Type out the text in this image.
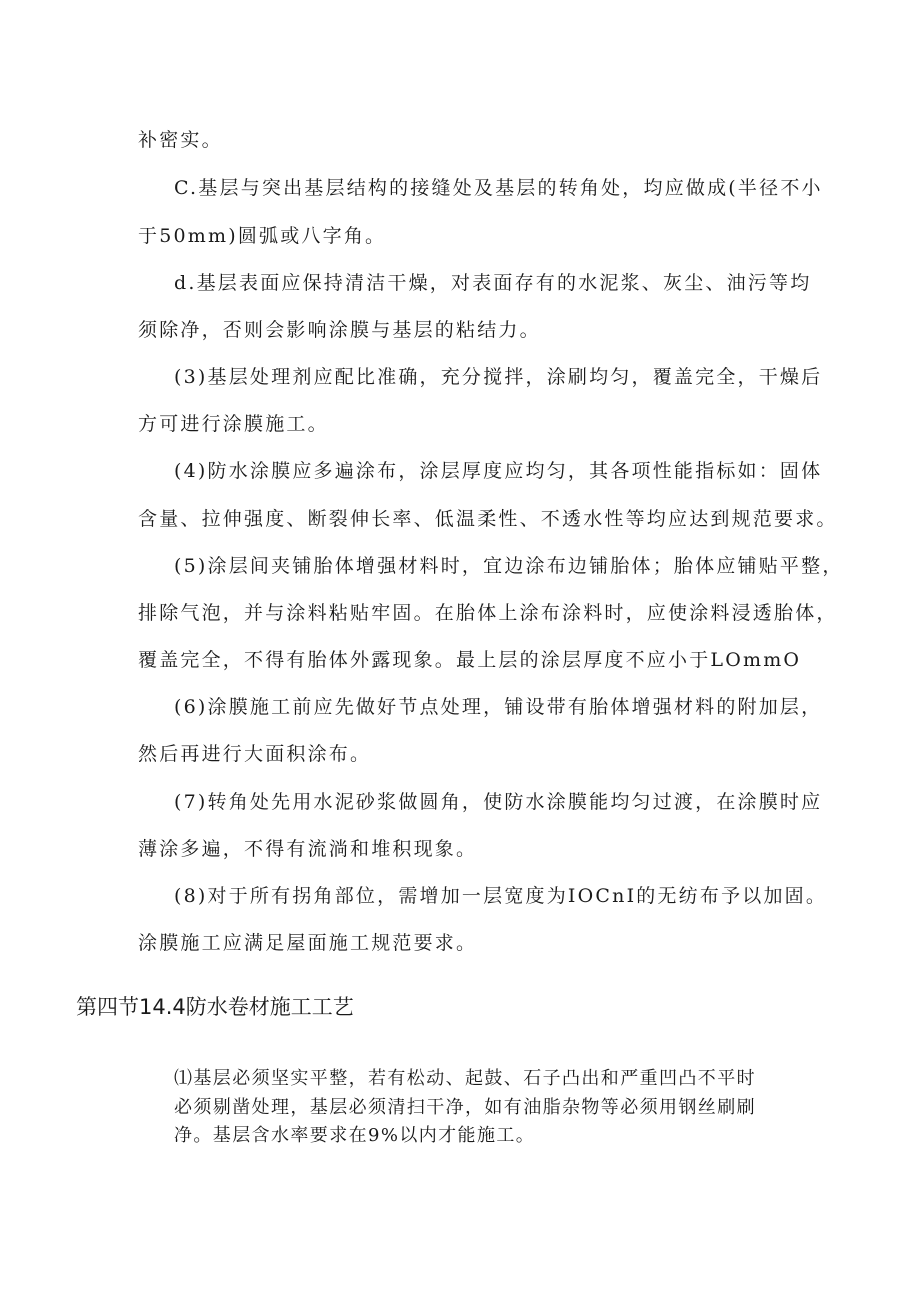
补密实。
C.基层与突出基层结构的接缝处及基层的转角处，均应做成(半径不小
于50mm)圆弧或八字角。
d.基层表面应保持清洁干燥，对表面存有的水泥浆、灰尘、油污等均
须除净，否则会影响涂膜与基层的粘结力。
(3)基层处理剂应配比准确，充分搅拌，涂刷均匀，覆盖完全，干燥后
方可进行涂膜施工。
(4)防水涂膜应多遍涂布，涂层厚度应均匀，其各项性能指标如：固体
含量、拉伸强度、断裂伸长率、低温柔性、不透水性等均应达到规范要求。
(5)涂层间夹铺胎体增强材料时，宜边涂布边铺胎体；胎体应铺贴平整，
排除气泡，并与涂料粘贴牢固。在胎体上涂布涂料时，应使涂料浸透胎体，
覆盖完全，不得有胎体外露现象。最上层的涂层厚度不应小于LOmmO
(6)涂膜施工前应先做好节点处理，铺设带有胎体增强材料的附加层，
然后再进行大面积涂布。
(7)转角处先用水泥砂浆做圆角，使防水涂膜能均匀过渡，在涂膜时应
薄涂多遍，不得有流淌和堆积现象。
(8)对于所有拐角部位，需增加一层宽度为IOCnI的无纺布予以加固。
涂膜施工应满足屋面施工规范要求。
第四节14.4防水卷材施工工艺
⑴基层必须坚实平整，若有松动、起鼓、石子凸出和严重凹凸不平时
必须剔凿处理，基层必须清扫干净，如有油脂杂物等必须用钢丝刷刷
净。基层含水率要求在9%以内才能施工。
